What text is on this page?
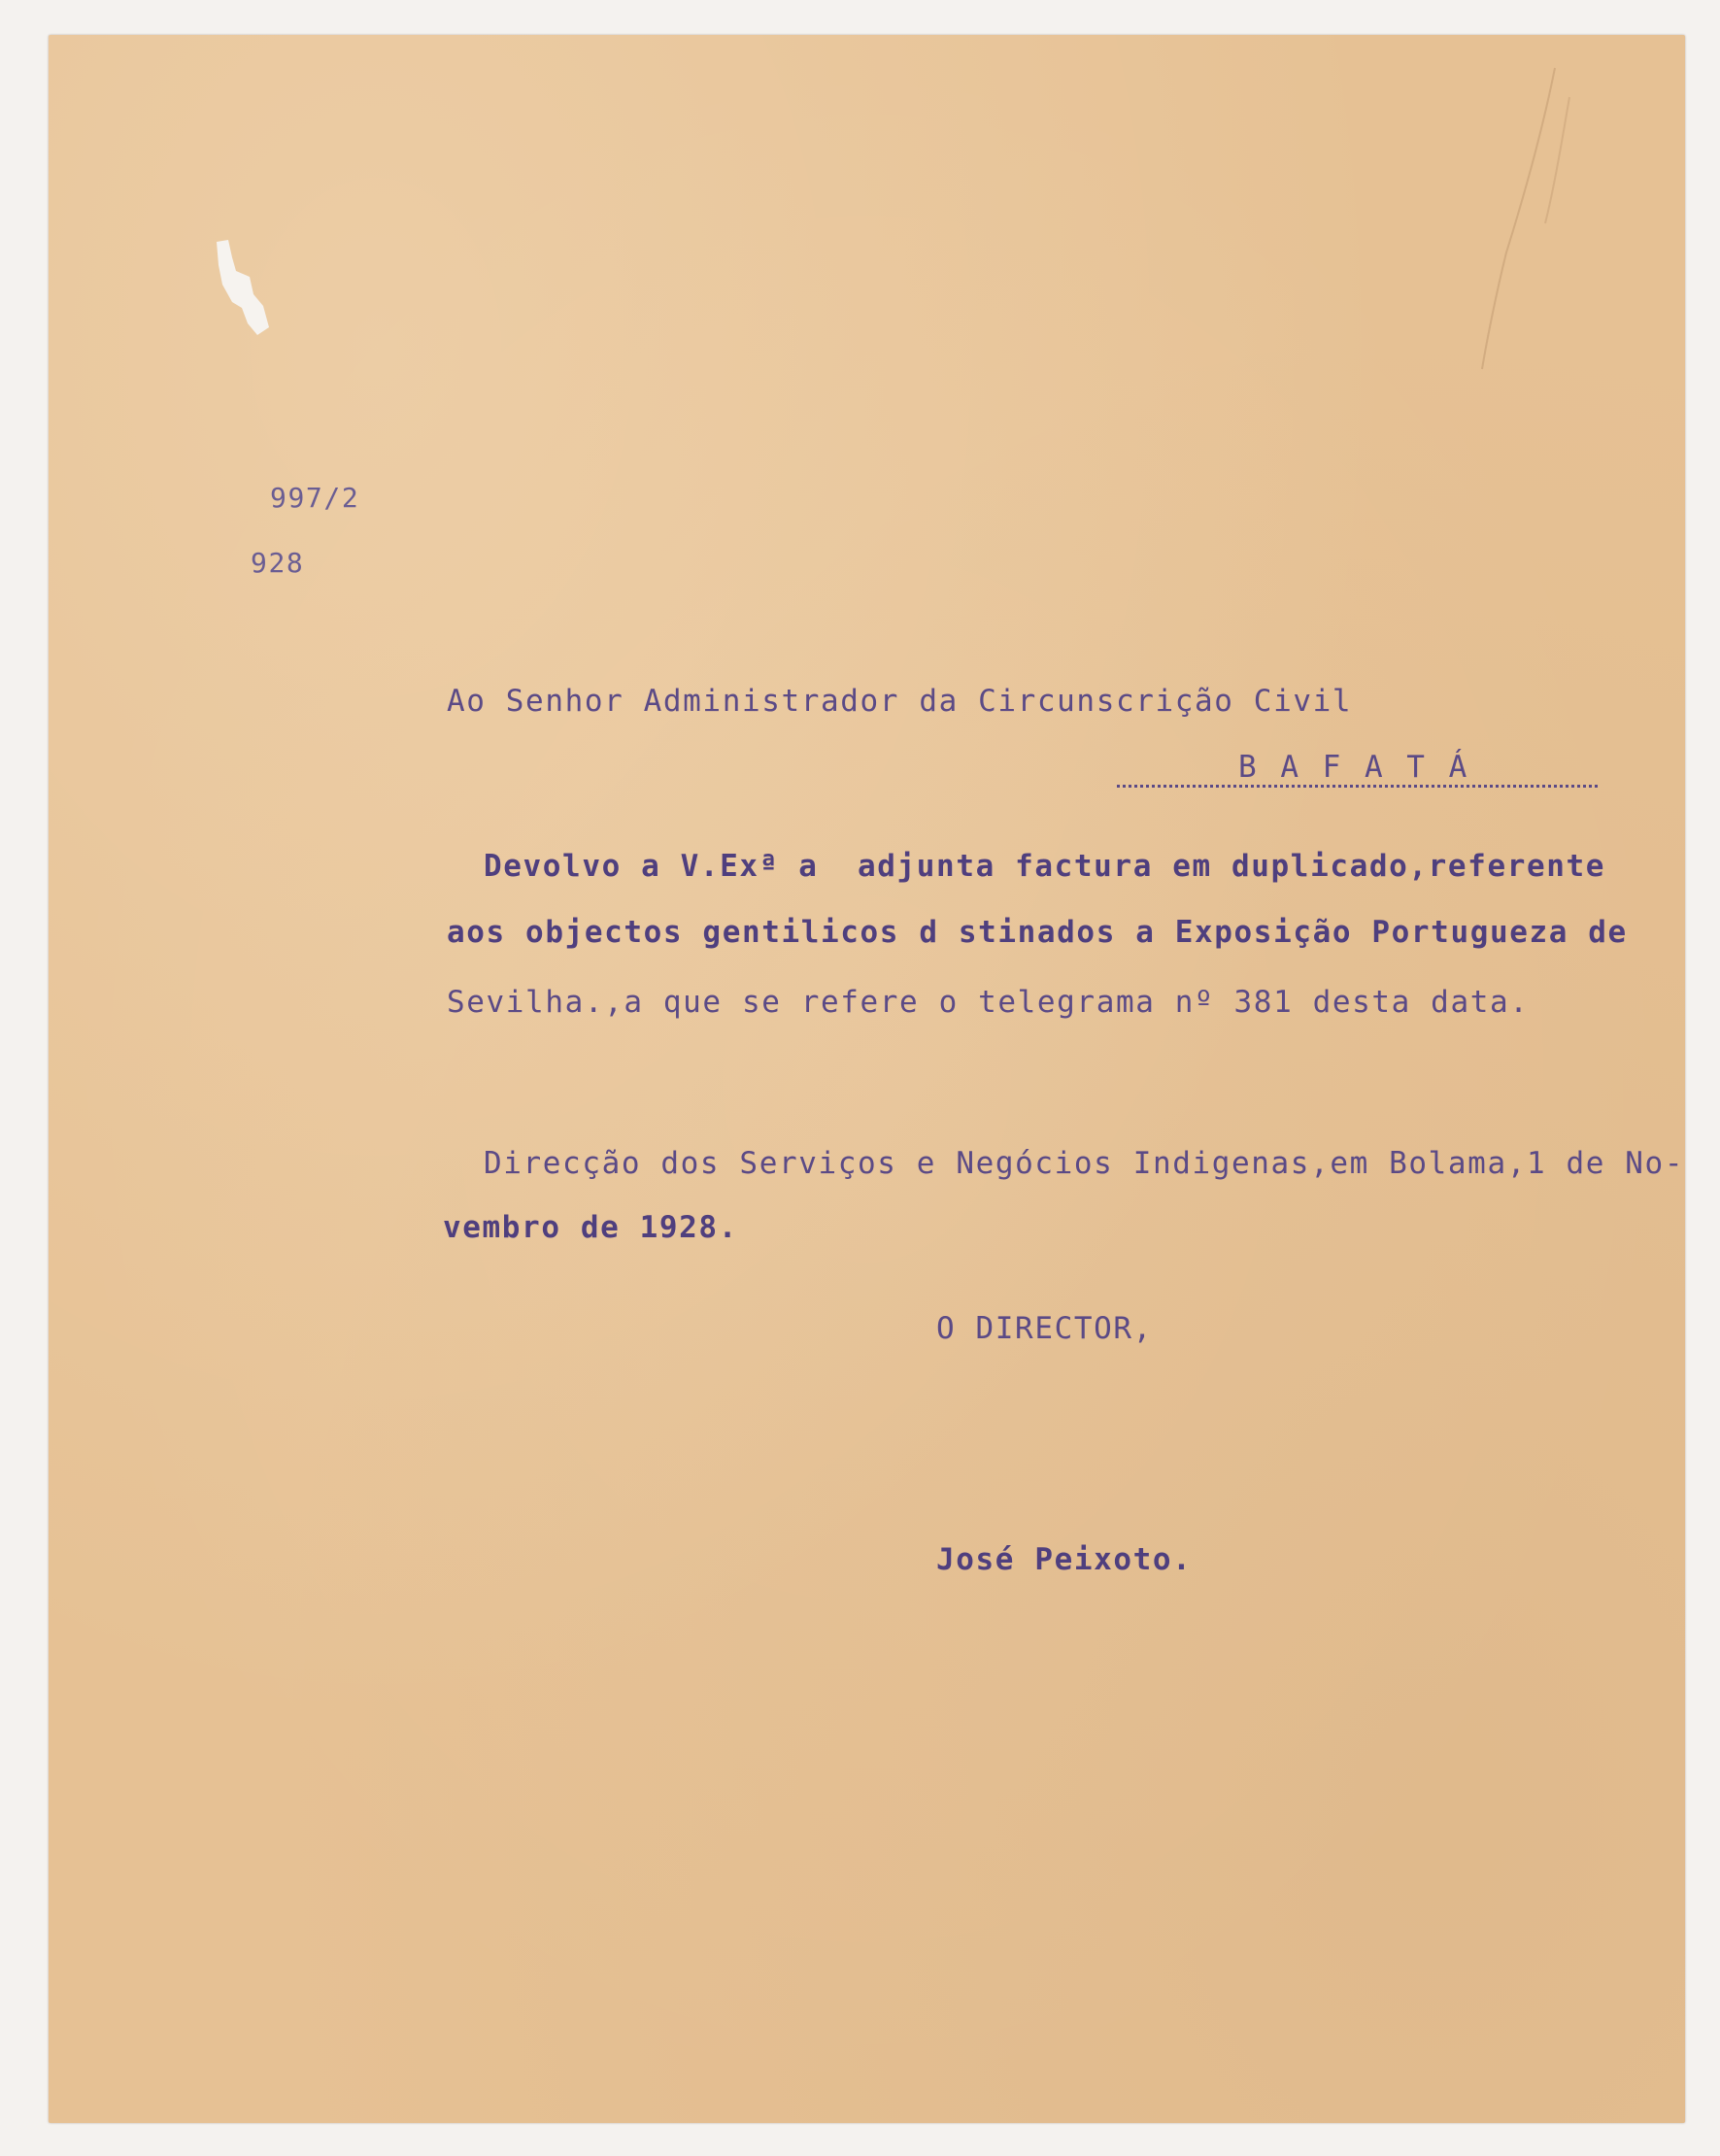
997/2
928
Ao Senhor Administrador da Circunscrição Civil
B A F A T Á
Devolvo a V.Exª a  adjunta factura em duplicado,referente
aos objectos gentilicos d stinados a Exposição Portugueza de
Sevilha.,a que se refere o telegrama nº 381 desta data.
Direcção dos Serviços e Negócios Indigenas,em Bolama,1 de No-
vembro de 1928.
O DIRECTOR,
José Peixoto.
